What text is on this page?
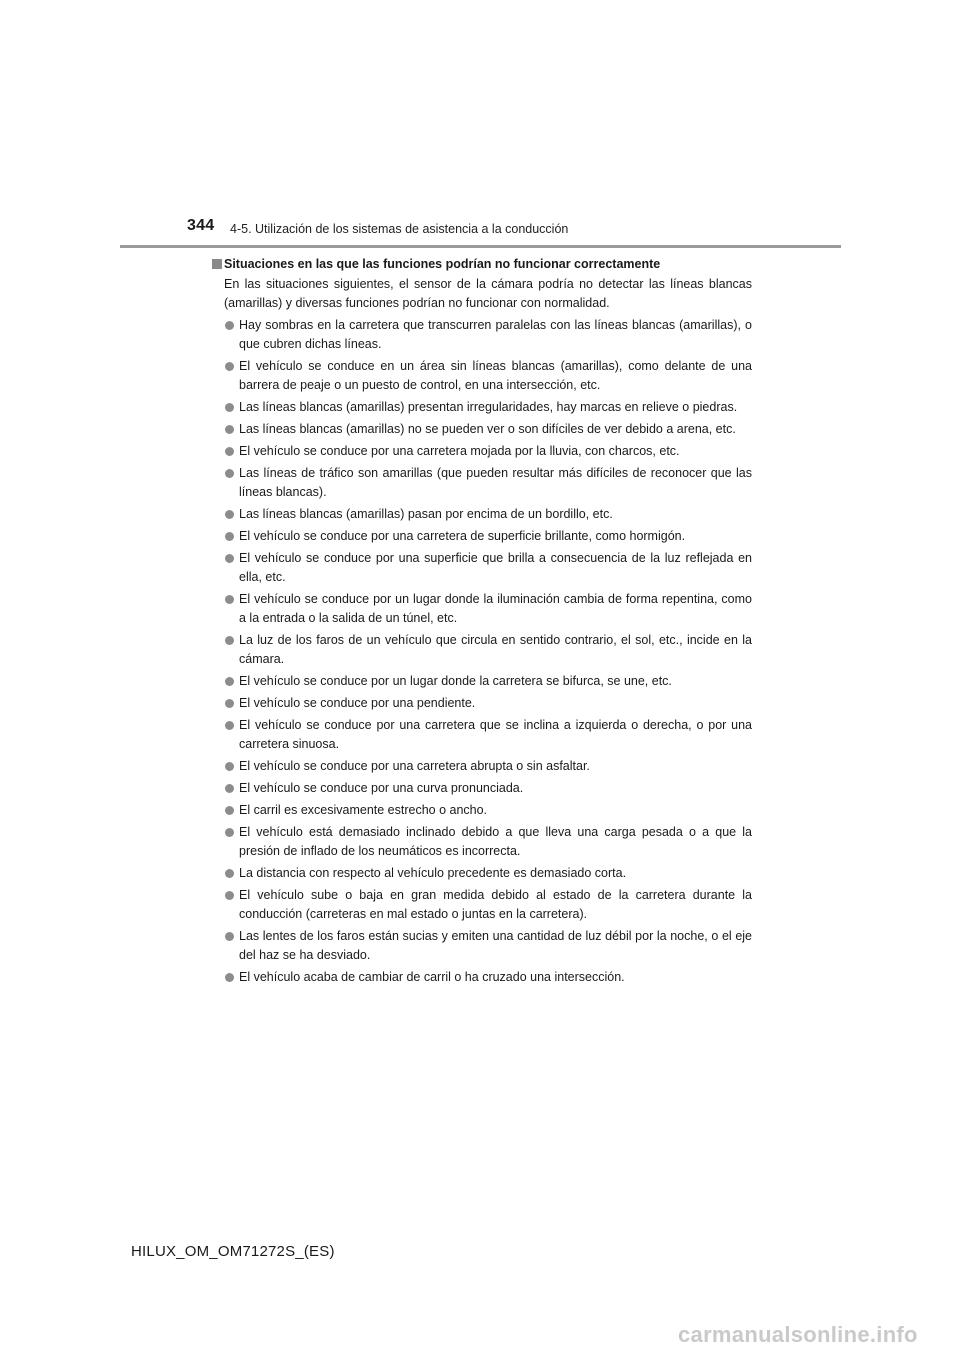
344 4-5. Utilización de los sistemas de asistencia a la conducción

Situaciones en las que las funciones podrían no funcionar correctamente

En las situaciones siguientes, el sensor de la cámara podría no detectar las líneas blancas (amarillas) y diversas funciones podrían no funcionar con normalidad.

Hay sombras en la carretera que transcurren paralelas con las líneas blancas (amarillas), o que cubren dichas líneas.
El vehículo se conduce en un área sin líneas blancas (amarillas), como delante de una barrera de peaje o un puesto de control, en una intersección, etc.
Las líneas blancas (amarillas) presentan irregularidades, hay marcas en relieve o piedras.
Las líneas blancas (amarillas) no se pueden ver o son difíciles de ver debido a arena, etc.
El vehículo se conduce por una carretera mojada por la lluvia, con charcos, etc.
Las líneas de tráfico son amarillas (que pueden resultar más difíciles de reconocer que las líneas blancas).
Las líneas blancas (amarillas) pasan por encima de un bordillo, etc.
El vehículo se conduce por una carretera de superficie brillante, como hormigón.
El vehículo se conduce por una superficie que brilla a consecuencia de la luz reflejada en ella, etc.
El vehículo se conduce por un lugar donde la iluminación cambia de forma repentina, como a la entrada o la salida de un túnel, etc.
La luz de los faros de un vehículo que circula en sentido contrario, el sol, etc., incide en la cámara.
El vehículo se conduce por un lugar donde la carretera se bifurca, se une, etc.
El vehículo se conduce por una pendiente.
El vehículo se conduce por una carretera que se inclina a izquierda o derecha, o por una carretera sinuosa.
El vehículo se conduce por una carretera abrupta o sin asfaltar.
El vehículo se conduce por una curva pronunciada.
El carril es excesivamente estrecho o ancho.
El vehículo está demasiado inclinado debido a que lleva una carga pesada o a que la presión de inflado de los neumáticos es incorrecta.
La distancia con respecto al vehículo precedente es demasiado corta.
El vehículo sube o baja en gran medida debido al estado de la carretera durante la conducción (carreteras en mal estado o juntas en la carretera).
Las lentes de los faros están sucias y emiten una cantidad de luz débil por la noche, o el eje del haz se ha desviado.
El vehículo acaba de cambiar de carril o ha cruzado una intersección.
HILUX_OM_OM71272S_(ES)
carmanualsonline.info
